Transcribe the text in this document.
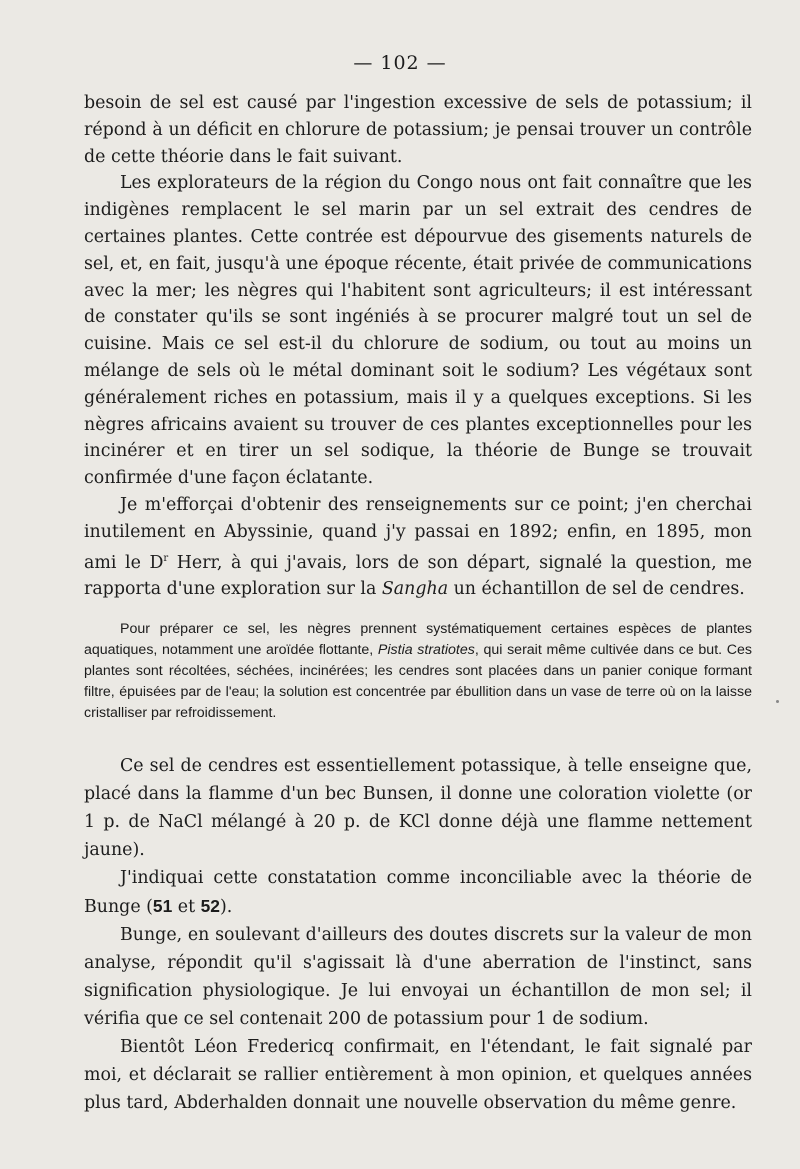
— 102 —

besoin de sel est causé par l'ingestion excessive de sels de potassium; il répond à un déficit en chlorure de potassium; je pensai trouver un contrôle de cette théorie dans le fait suivant.

Les explorateurs de la région du Congo nous ont fait connaître que les indigènes remplacent le sel marin par un sel extrait des cendres de certaines plantes. Cette contrée est dépourvue des gisements naturels de sel, et, en fait, jusqu'à une époque récente, était privée de communications avec la mer; les nègres qui l'habitent sont agriculteurs; il est intéressant de constater qu'ils se sont ingéniés à se procurer malgré tout un sel de cuisine. Mais ce sel est-il du chlorure de sodium, ou tout au moins un mélange de sels où le métal dominant soit le sodium? Les végétaux sont généralement riches en potassium, mais il y a quelques exceptions. Si les nègres africains avaient su trouver de ces plantes exceptionnelles pour les incinérer et en tirer un sel sodique, la théorie de Bunge se trouvait confirmée d'une façon éclatante.

Je m'efforçai d'obtenir des renseignements sur ce point; j'en cherchai inutilement en Abyssinie, quand j'y passai en 1892; enfin, en 1895, mon ami le $D^r$ Herr, à qui j'avais, lors de son départ, signalé la question, me rapporta d'une exploration sur la Sangha un échantillon de sel de cendres.

Pour préparer ce sel, les nègres prennent systématiquement certaines espèces de plantes aquatiques, notamment une aroïdée flottante, Pistia stratiotes, qui serait même cultivée dans ce but. Ces plantes sont récoltées, séchées, incinérées; les cendres sont placées dans un panier conique formant filtre, épuisées par de l'eau; la solution est concentrée par ébullition dans un vase de terre où on la laisse cristalliser par refroidissement.

Ce sel de cendres est essentiellement potassique, à telle enseigne que, placé dans la flamme d'un bec Bunsen, il donne une coloration violette (or 1 p. de NaCl mélangé à 20 p. de KCl donne déjà une flamme nettement jaune).

J'indiquai cette constatation comme inconciliable avec la théorie de Bunge (51 et 52).

Bunge, en soulevant d'ailleurs des doutes discrets sur la valeur de mon analyse, répondit qu'il s'agissait là d'une aberration de l'instinct, sans signification physiologique. Je lui envoyai un échantillon de mon sel; il vérifia que ce sel contenait 200 de potassium pour 1 de sodium.

Bientôt Léon Fredericq confirmait, en l'étendant, le fait signalé par moi, et déclarait se rallier entièrement à mon opinion, et quelques années plus tard, Abderhalden donnait une nouvelle observation du même genre.
